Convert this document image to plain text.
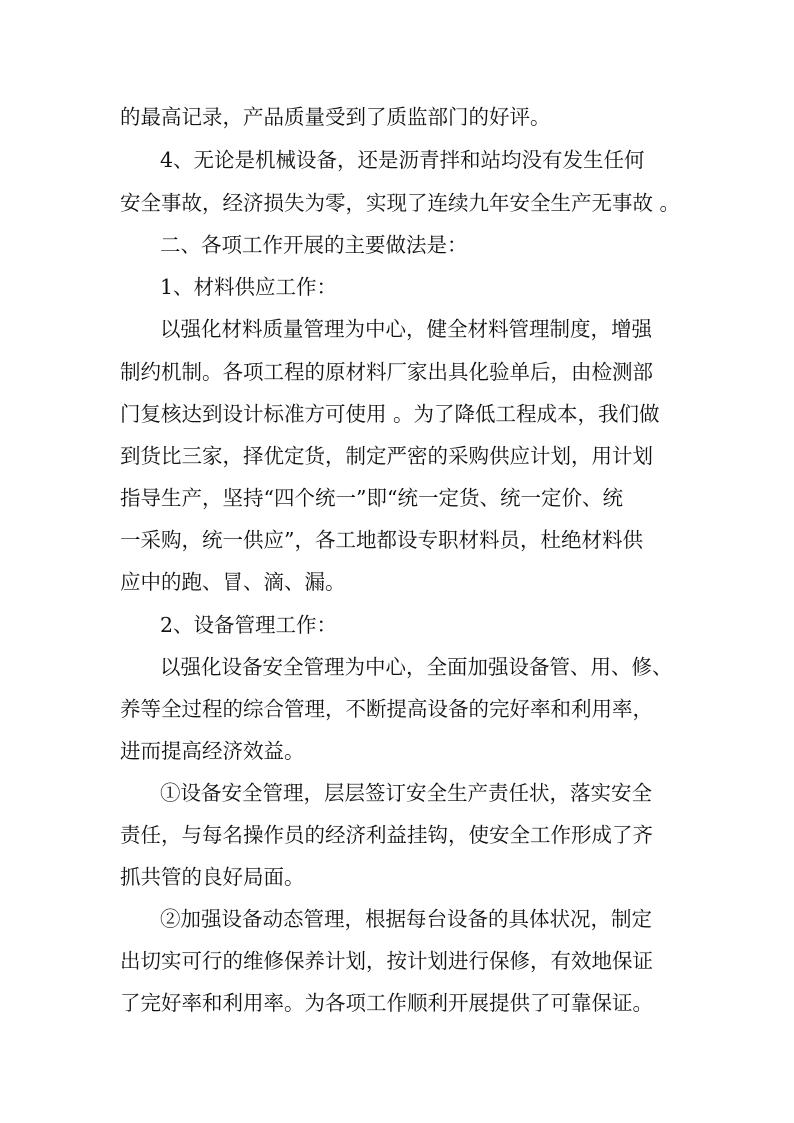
的最高记录，产品质量受到了质监部门的好评。
4、无论是机械设备，还是沥青拌和站均没有发生任何
安全事故，经济损失为零，实现了连续九年安全生产无事故 。
二、各项工作开展的主要做法是：
1、材料供应工作：
以强化材料质量管理为中心，健全材料管理制度，增强
制约机制。各项工程的原材料厂家出具化验单后，由检测部
门复核达到设计标准方可使用 。为了降低工程成本，我们做
到货比三家，择优定货，制定严密的采购供应计划，用计划
指导生产，坚持“四个统一”即“统一定货、统一定价、统
一采购，统一供应”，各工地都设专职材料员，杜绝材料供
应中的跑、冒、滴、漏。
2、设备管理工作：
以强化设备安全管理为中心，全面加强设备管、用、修、
养等全过程的综合管理，不断提高设备的完好率和利用率，
进而提高经济效益。
①设备安全管理，层层签订安全生产责任状，落实安全
责任，与每名操作员的经济利益挂钩，使安全工作形成了齐
抓共管的良好局面。
②加强设备动态管理，根据每台设备的具体状况，制定
出切实可行的维修保养计划，按计划进行保修，有效地保证
了完好率和利用率。为各项工作顺利开展提供了可靠保证。
